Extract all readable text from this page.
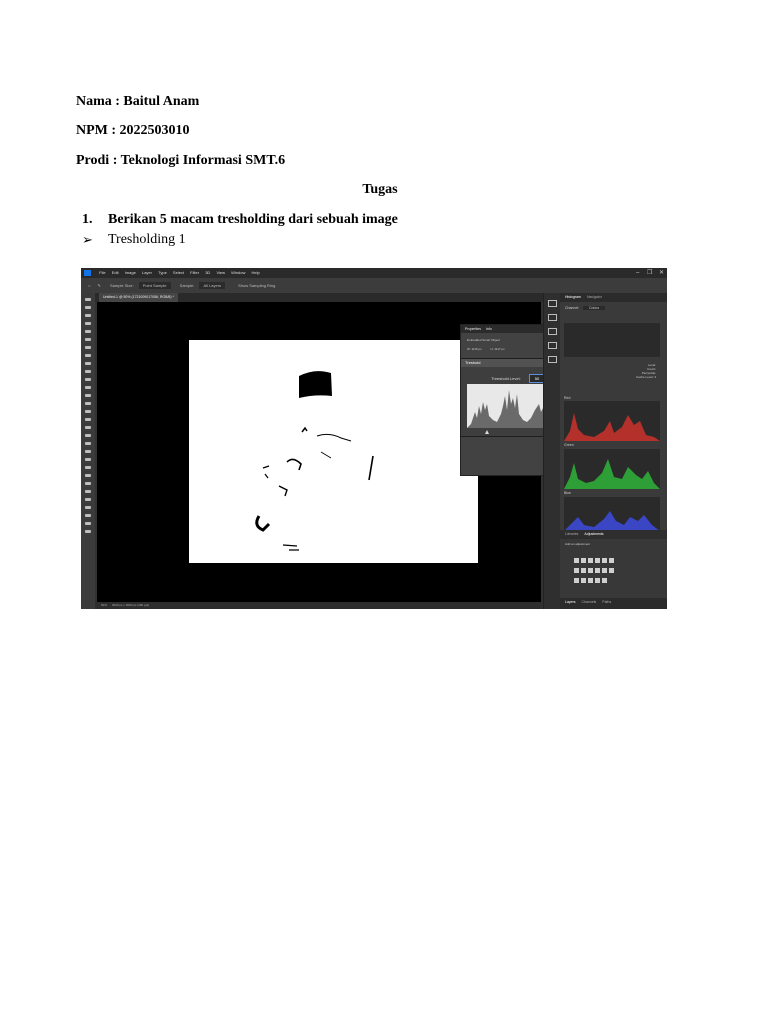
Nama : Baitul Anam
NPM : 2022503010
Prodi : Teknologi Informasi SMT.6
Tugas
1. Berikan 5 macam tresholding dari sebuah image
➢ Tresholding 1
File Edit Image Layer Type Select Filter 3D View Window Help	– ❐ ✕
⌂ ✎ Sample Size: Point Sample	Sample: All Layers	Show Sampling Ring
Untitled-1 @ 50% (1721009017056, RGB/8) *
50% 3000 px x 3000 px (300 ppi)
Properties Info
Embedded Smart Object
W: 1116 px	H: 1117 px
Treshold
Threshold Level:	50
Histogram Navigator
Channel:	Colors
Level:
Count:
Percentile:
Cache Level: 3
Red
Green
Blue
Libraries Adjustments
Add an adjustment
Layers Channels Paths
